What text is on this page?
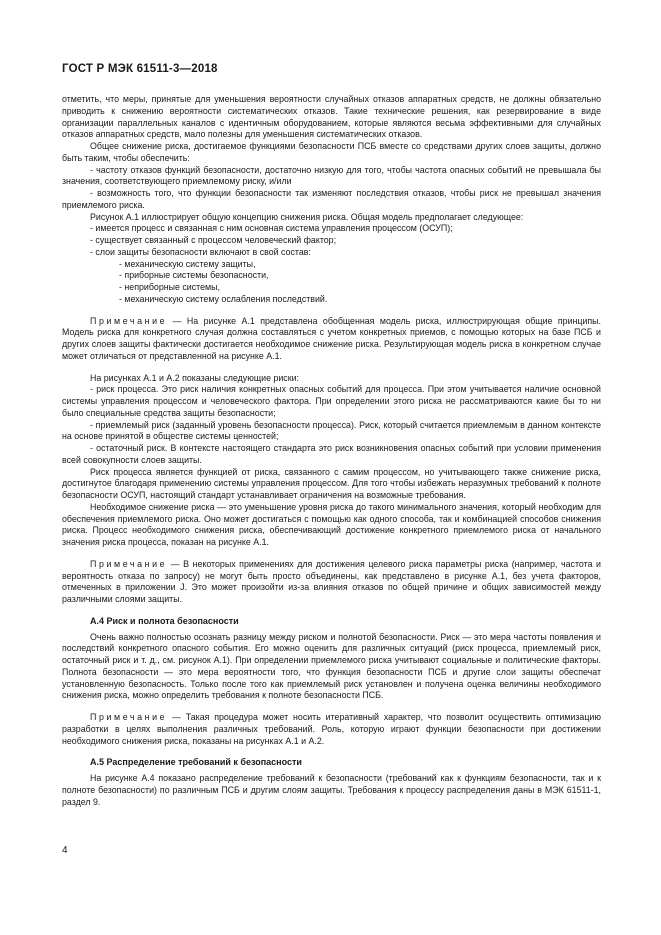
ГОСТ Р МЭК 61511-3—2018
отметить, что меры, принятые для уменьшения вероятности случайных отказов аппаратных средств, не должны обязательно приводить к снижению вероятности систематических отказов. Такие технические решения, как резервирование в виде организации параллельных каналов с идентичным оборудованием, которые являются весьма эффективными для случайных отказов аппаратных средств, мало полезны для уменьшения систематических отказов.
Общее снижение риска, достигаемое функциями безопасности ПСБ вместе со средствами других слоев защиты, должно быть таким, чтобы обеспечить:
- частоту отказов функций безопасности, достаточно низкую для того, чтобы частота опасных событий не превышала бы значения, соответствующего приемлемому риску, и/или
- возможность того, что функции безопасности так изменяют последствия отказов, чтобы риск не превышал значения приемлемого риска.
Рисунок А.1 иллюстрирует общую концепцию снижения риска. Общая модель предполагает следующее:
- имеется процесс и связанная с ним основная система управления процессом (ОСУП);
- существует связанный с процессом человеческий фактор;
- слои защиты безопасности включают в свой состав:
- механическую систему защиты,
- приборные системы безопасности,
- неприборные системы,
- механическую систему ослабления последствий.
Примечание — На рисунке А.1 представлена обобщенная модель риска, иллюстрирующая общие принципы. Модель риска для конкретного случая должна составляться с учетом конкретных приемов, с помощью которых на базе ПСБ и других слоев защиты фактически достигается необходимое снижение риска. Результирующая модель риска в конкретном случае может отличаться от представленной на рисунке А.1.
На рисунках А.1 и А.2 показаны следующие риски:
- риск процесса. Это риск наличия конкретных опасных событий для процесса. При этом учитывается наличие основной системы управления процессом и человеческого фактора. При определении этого риска не рассматриваются какие бы то ни было специальные средства защиты безопасности;
- приемлемый риск (заданный уровень безопасности процесса). Риск, который считается приемлемым в данном контексте на основе принятой в обществе системы ценностей;
- остаточный риск. В контексте настоящего стандарта это риск возникновения опасных событий при условии применения всей совокупности слоев защиты.
Риск процесса является функцией от риска, связанного с самим процессом, но учитывающего также снижение риска, достигнутое благодаря применению системы управления процессом. Для того чтобы избежать неразумных требований к полноте безопасности ОСУП, настоящий стандарт устанавливает ограничения на возможные требования.
Необходимое снижение риска — это уменьшение уровня риска до такого минимального значения, который необходим для обеспечения приемлемого риска. Оно может достигаться с помощью как одного способа, так и комбинацией способов снижения риска. Процесс необходимого снижения риска, обеспечивающий достижение конкретного приемлемого риска от начального значения риска процесса, показан на рисунке А.1.
Примечание — В некоторых применениях для достижения целевого риска параметры риска (например, частота и вероятность отказа по запросу) не могут быть просто объединены, как представлено в рисунке А.1, без учета факторов, отмеченных в приложении J. Это может произойти из-за влияния отказов по общей причине и общих зависимостей между различными слоями защиты.
А.4 Риск и полнота безопасности
Очень важно полностью осознать разницу между риском и полнотой безопасности. Риск — это мера частоты появления и последствий конкретного опасного события. Его можно оценить для различных ситуаций (риск процесса, приемлемый риск, остаточный риск и т. д., см. рисунок А.1). При определении приемлемого риска учитывают социальные и политические факторы. Полнота безопасности — это мера вероятности того, что функция безопасности ПСБ и другие слои защиты обеспечат установленную безопасность. Только после того как приемлемый риск установлен и получена оценка величины необходимого снижения риска, можно определить требования к полноте безопасности ПСБ.
Примечание — Такая процедура может носить итеративный характер, что позволит осуществить оптимизацию разработки в целях выполнения различных требований. Роль, которую играют функции безопасности при достижении необходимого снижения риска, показаны на рисунках А.1 и А.2.
А.5 Распределение требований к безопасности
На рисунке А.4 показано распределение требований к безопасности (требований как к функциям безопасности, так и к полноте безопасности) по различным ПСБ и другим слоям защиты. Требования к процессу распределения даны в МЭК 61511-1, раздел 9.
4
